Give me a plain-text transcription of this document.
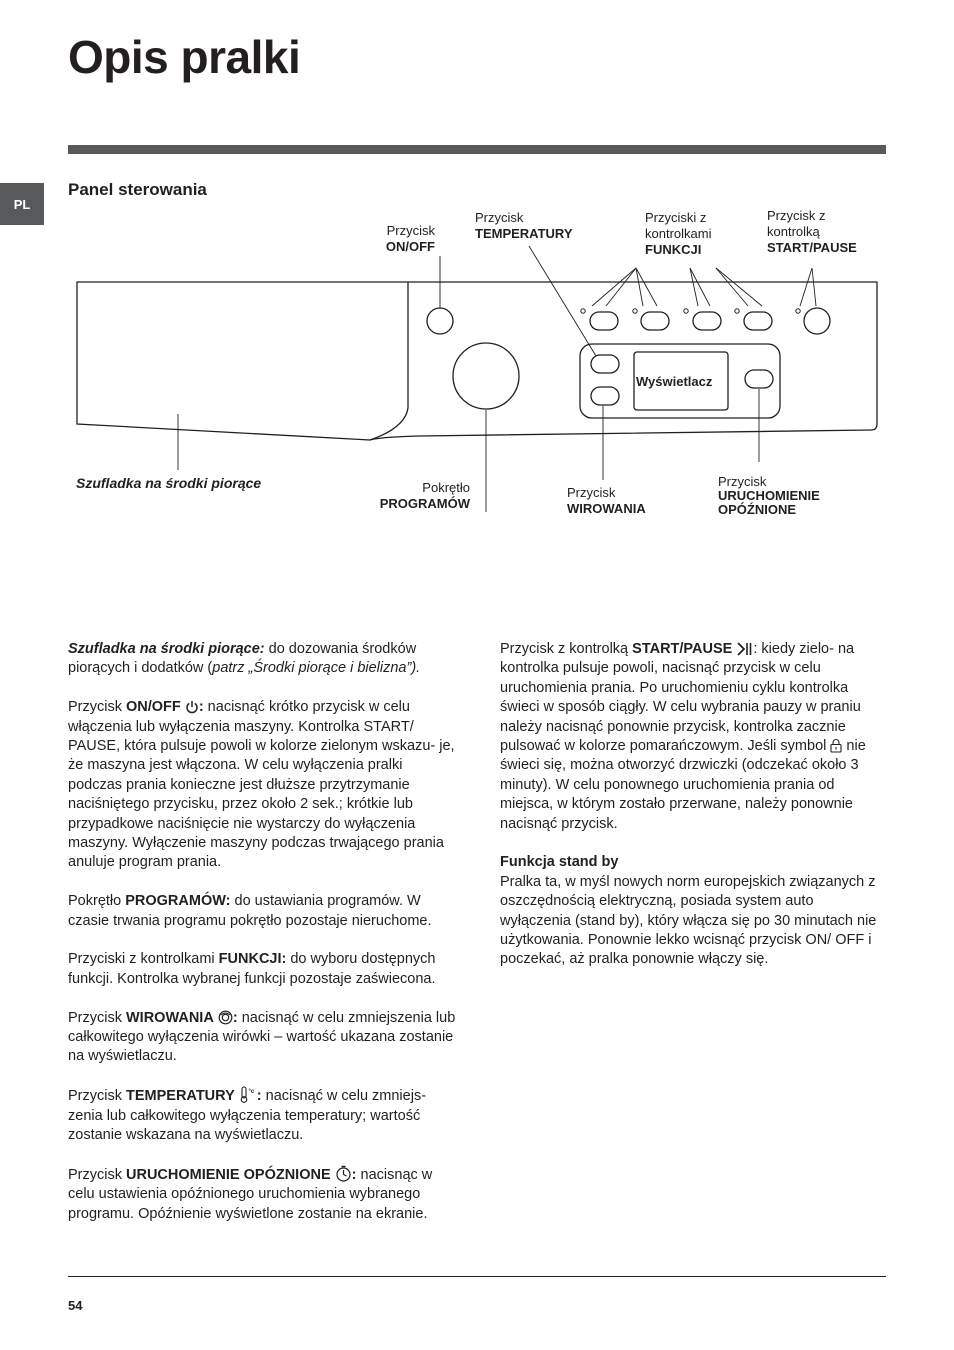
Opis pralki
PL
Panel sterowania
Przycisk
ON/OFF
Przycisk
TEMPERATURY
Przyciski z
kontrolkami
FUNKCJI
Przycisk z
kontrolką
START/PAUSE
Wyświetlacz
Szufladka na środki piorące	Pokrętło
PROGRAMÓW
Przycisk
WIROWANIA
Przycisk
URUCHOMIENIE
OPÓŹNIONE

Szufladka na środki piorące: do dozowania środków piorących i dodatków (patrz „Środki piorące i bielizna”).

Przycisk ON/OFF : nacisnąć krótko przycisk w celu włączenia lub wyłączenia maszyny. Kontrolka START/ PAUSE, która pulsuje powoli w kolorze zielonym wskazu- je, że maszyna jest włączona. W celu wyłączenia pralki podczas prania konieczne jest dłuższe przytrzymanie naciśniętego przycisku, przez około 2 sek.; krótkie lub przypadkowe naciśnięcie nie wystarczy do wyłączenia maszyny. Wyłączenie maszyny podczas trwającego prania anuluje program prania.

Pokrętło PROGRAMÓW: do ustawiania programów. W czasie trwania programu pokrętło pozostaje nieruchome.

Przyciski z kontrolkami FUNKCJI: do wyboru dostępnych funkcji. Kontrolka wybranej funkcji pozostaje zaświecona.

Przycisk WIROWANIA : nacisnąć w celu zmniejszenia lub całkowitego wyłączenia wirówki – wartość ukazana zostanie na wyświetlaczu.

Przycisk TEMPERATURY °c : nacisnąć w celu zmniejs- zenia lub całkowitego wyłączenia temperatury; wartość zostanie wskazana na wyświetlaczu.

Przycisk URUCHOMIENIE OPÓZNIONE : nacisnąc w celu ustawienia opóźnionego uruchomienia wybranego programu. Opóźnienie wyświetlone zostanie na ekranie.

Przycisk z kontrolką START/PAUSE : kiedy zielo- na kontrolka pulsuje powoli, nacisnąć przycisk w celu uruchomienia prania. Po uruchomieniu cyklu kontrolka świeci w sposób ciągły. W celu wybrania pauzy w praniu należy nacisnąć ponownie przycisk, kontrolka zacznie pulsować w kolorze pomarańczowym. Jeśli symbol  nie świeci się, można otworzyć drzwiczki (odczekać około 3 minuty). W celu ponownego uruchomienia prania od miejsca, w którym zostało przerwane, należy ponownie nacisnąć przycisk.

Funkcja stand by
Pralka ta, w myśl nowych norm europejskich związanych z oszczędnością elektryczną, posiada system auto wyłączenia (stand by), który włącza się po 30 minutach nie użytkowania. Ponownie lekko wcisnąć przycisk ON/ OFF i poczekać, aż pralka ponownie włączy się.

54
